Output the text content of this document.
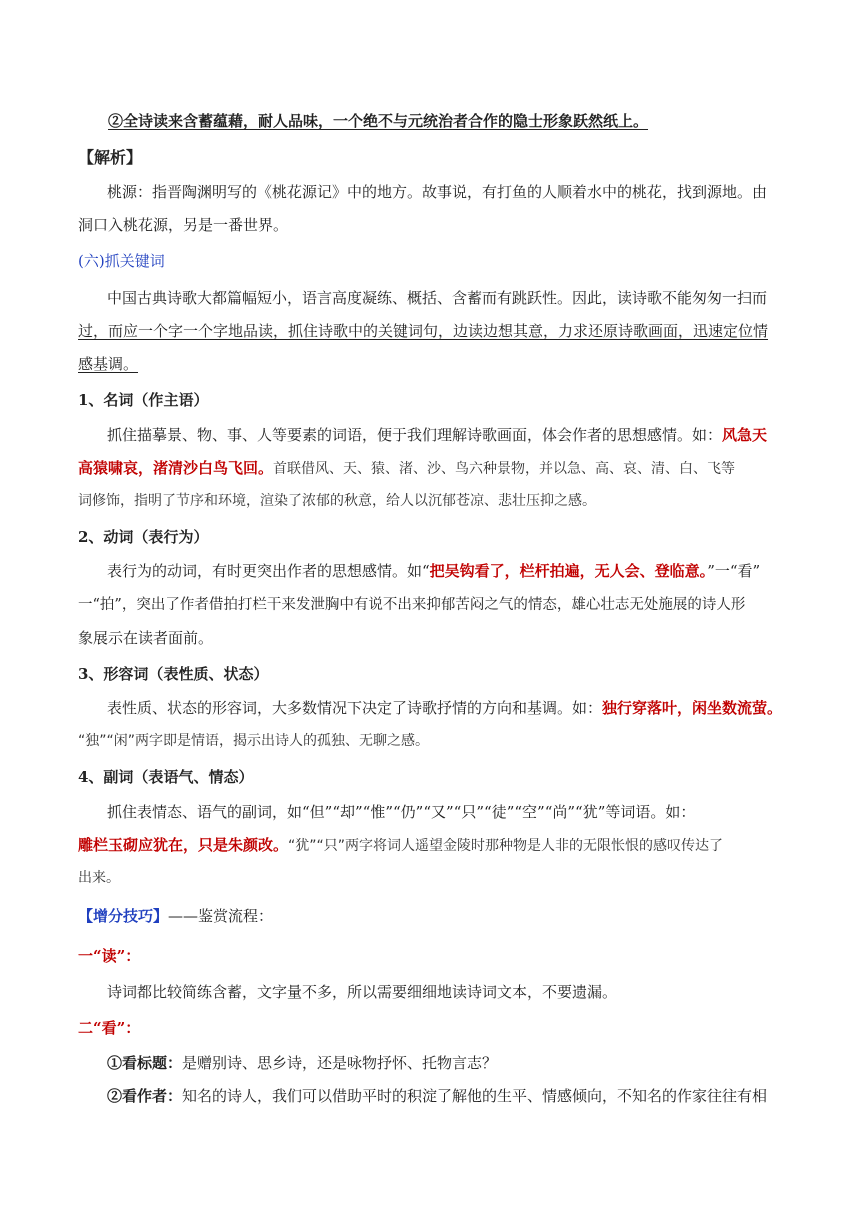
②全诗读来含蓄蕴藉，耐人品味，一个绝不与元统治者合作的隐士形象跃然纸上。
【解析】
桃源：指晋陶渊明写的《桃花源记》中的地方。故事说，有打鱼的人顺着水中的桃花，找到源地。由
洞口入桃花源，另是一番世界。
(六)抓关键词
中国古典诗歌大都篇幅短小，语言高度凝练、概括、含蓄而有跳跃性。因此，读诗歌不能匆匆一扫而
过，而应一个字一个字地品读，抓住诗歌中的关键词句，边读边想其意，力求还原诗歌画面，迅速定位情
感基调。
1、名词（作主语）
抓住描摹景、物、事、人等要素的词语，便于我们理解诗歌画面，体会作者的思想感情。如：风急天
高猿啸哀，渚清沙白鸟飞回。首联借风、天、猿、渚、沙、鸟六种景物，并以急、高、哀、清、白、飞等
词修饰，指明了节序和环境，渲染了浓郁的秋意，给人以沉郁苍凉、悲壮压抑之感。
2、动词（表行为）
表行为的动词，有时更突出作者的思想感情。如“把吴钩看了，栏杆拍遍，无人会、登临意。”一“看”
一“拍”，突出了作者借拍打栏干来发泄胸中有说不出来抑郁苦闷之气的情态，雄心壮志无处施展的诗人形
象展示在读者面前。
3、形容词（表性质、状态）
表性质、状态的形容词，大多数情况下决定了诗歌抒情的方向和基调。如：独行穿落叶，闲坐数流萤。
“独”“闲”两字即是情语，揭示出诗人的孤独、无聊之感。
4、副词（表语气、情态）
抓住表情态、语气的副词，如“但”“却”“惟”“仍”“又”“只”“徒”“空”“尚”“犹”等词语。如：
雕栏玉砌应犹在，只是朱颜改。“犹”“只”两字将词人遥望金陵时那种物是人非的无限怅恨的感叹传达了
出来。
【增分技巧】——鉴赏流程：
一“读”：
诗词都比较简练含蓄，文字量不多，所以需要细细地读诗词文本，不要遗漏。
二“看”：
①看标题：是赠别诗、思乡诗，还是咏物抒怀、托物言志？
②看作者：知名的诗人，我们可以借助平时的积淀了解他的生平、情感倾向，不知名的作家往往有相
